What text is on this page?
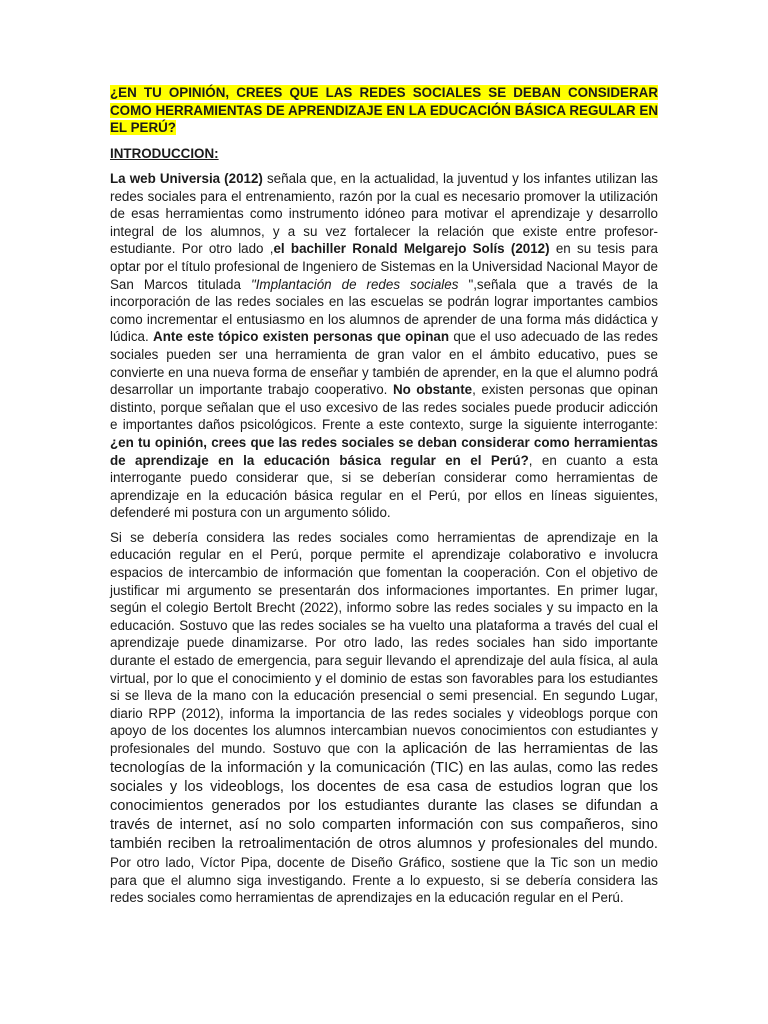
¿EN TU OPINIÓN, CREES QUE LAS REDES SOCIALES SE DEBAN CONSIDERAR COMO HERRAMIENTAS DE APRENDIZAJE EN LA EDUCACIÓN BÁSICA REGULAR EN EL PERÚ?
INTRODUCCION:

La web Universia (2012) señala que, en la actualidad, la juventud y los infantes utilizan las redes sociales para el entrenamiento, razón por la cual es necesario promover la utilización de esas herramientas como instrumento idóneo para motivar el aprendizaje y desarrollo integral de los alumnos, y a su vez fortalecer la relación que existe entre profesor-estudiante. Por otro lado ,el bachiller Ronald Melgarejo Solís (2012) en su tesis para optar por el título profesional de Ingeniero de Sistemas en la Universidad Nacional Mayor de San Marcos titulada "Implantación de redes sociales ",señala que a través de la incorporación de las redes sociales en las escuelas se podrán lograr importantes cambios como incrementar el entusiasmo en los alumnos de aprender de una forma más didáctica y lúdica. Ante este tópico existen personas que opinan que el uso adecuado de las redes sociales pueden ser una herramienta de gran valor en el ámbito educativo, pues se convierte en una nueva forma de enseñar y también de aprender, en la que el alumno podrá desarrollar un importante trabajo cooperativo. No obstante, existen personas que opinan distinto, porque señalan que el uso excesivo de las redes sociales puede producir adicción e importantes daños psicológicos. Frente a este contexto, surge la siguiente interrogante: ¿en tu opinión, crees que las redes sociales se deban considerar como herramientas de aprendizaje en la educación básica regular en el Perú?, en cuanto a esta interrogante puedo considerar que, si se deberían considerar como herramientas de aprendizaje en la educación básica regular en el Perú, por ellos en líneas siguientes, defenderé mi postura con un argumento sólido.

Si se debería considera las redes sociales como herramientas de aprendizaje en la educación regular en el Perú, porque permite el aprendizaje colaborativo e involucra espacios de intercambio de información que fomentan la cooperación. Con el objetivo de justificar mi argumento se presentarán dos informaciones importantes. En primer lugar, según el colegio Bertolt Brecht (2022), informo sobre las redes sociales y su impacto en la educación. Sostuvo que las redes sociales se ha vuelto una plataforma a través del cual el aprendizaje puede dinamizarse. Por otro lado, las redes sociales han sido importante durante el estado de emergencia, para seguir llevando el aprendizaje del aula física, al aula virtual, por lo que el conocimiento y el dominio de estas son favorables para los estudiantes si se lleva de la mano con la educación presencial o semi presencial. En segundo Lugar, diario RPP (2012), informa la importancia de las redes sociales y videoblogs porque con apoyo de los docentes los alumnos intercambian nuevos conocimientos con estudiantes y profesionales del mundo. Sostuvo que con la aplicación de las herramientas de las tecnologías de la información y la comunicación (TIC) en las aulas, como las redes sociales y los videoblogs, los docentes de esa casa de estudios logran que los conocimientos generados por los estudiantes durante las clases se difundan a través de internet, así no solo comparten información con sus compañeros, sino también reciben la retroalimentación de otros alumnos y profesionales del mundo. Por otro lado, Víctor Pipa, docente de Diseño Gráfico, sostiene que la Tic son un medio para que el alumno siga investigando. Frente a lo expuesto, si se debería considera las redes sociales como herramientas de aprendizajes en la educación regular en el Perú.
